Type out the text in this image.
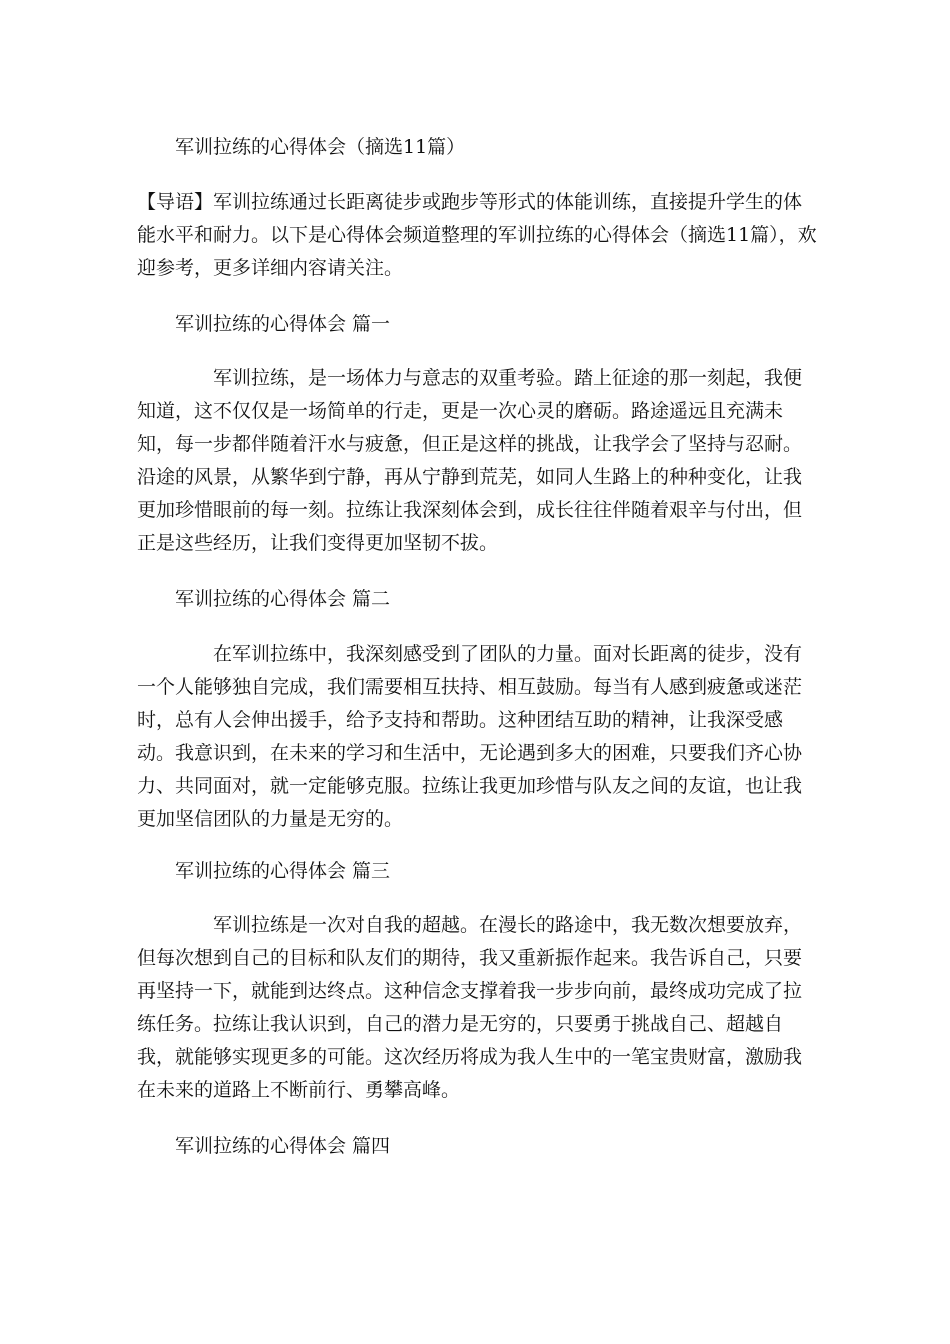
军训拉练的心得体会（摘选11篇）
【导语】军训拉练通过长距离徒步或跑步等形式的体能训练，直接提升学生的体能水平和耐力。以下是心得体会频道整理的军训拉练的心得体会（摘选11篇），欢迎参考，更多详细内容请关注。
军训拉练的心得体会 篇一
军训拉练，是一场体力与意志的双重考验。踏上征途的那一刻起，我便知道，这不仅仅是一场简单的行走，更是一次心灵的磨砺。路途遥远且充满未知，每一步都伴随着汗水与疲惫，但正是这样的挑战，让我学会了坚持与忍耐。沿途的风景，从繁华到宁静，再从宁静到荒芜，如同人生路上的种种变化，让我更加珍惜眼前的每一刻。拉练让我深刻体会到，成长往往伴随着艰辛与付出，但正是这些经历，让我们变得更加坚韧不拔。
军训拉练的心得体会 篇二
在军训拉练中，我深刻感受到了团队的力量。面对长距离的徒步，没有一个人能够独自完成，我们需要相互扶持、相互鼓励。每当有人感到疲惫或迷茫时，总有人会伸出援手，给予支持和帮助。这种团结互助的精神，让我深受感动。我意识到，在未来的学习和生活中，无论遇到多大的困难，只要我们齐心协力、共同面对，就一定能够克服。拉练让我更加珍惜与队友之间的友谊，也让我更加坚信团队的力量是无穷的。
军训拉练的心得体会 篇三
军训拉练是一次对自我的超越。在漫长的路途中，我无数次想要放弃，但每次想到自己的目标和队友们的期待，我又重新振作起来。我告诉自己，只要再坚持一下，就能到达终点。这种信念支撑着我一步步向前，最终成功完成了拉练任务。拉练让我认识到，自己的潜力是无穷的，只要勇于挑战自己、超越自我，就能够实现更多的可能。这次经历将成为我人生中的一笔宝贵财富，激励我在未来的道路上不断前行、勇攀高峰。
军训拉练的心得体会 篇四
